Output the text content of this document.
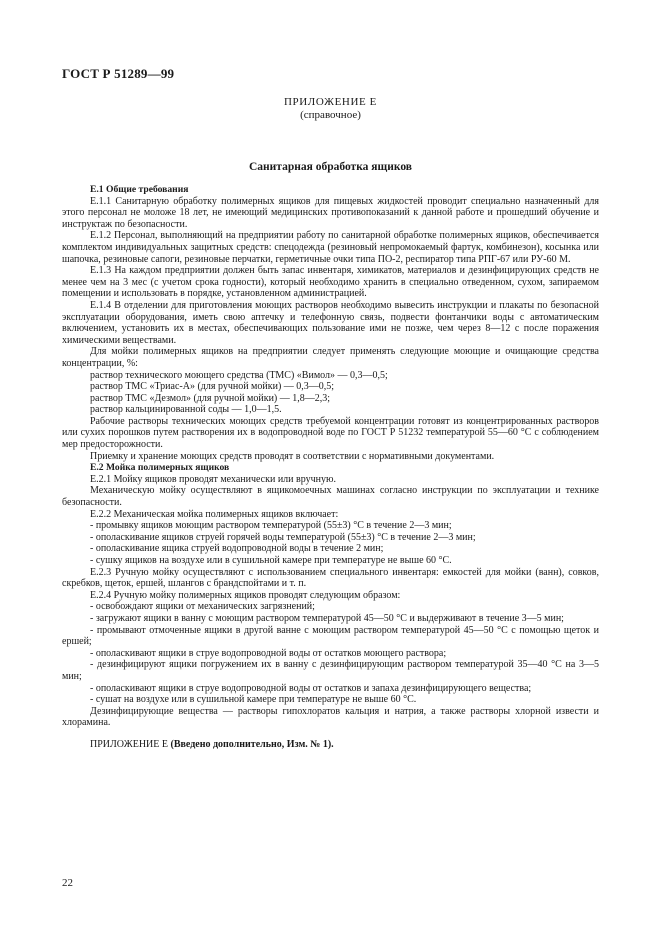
ГОСТ Р 51289—99
ПРИЛОЖЕНИЕ Е
(справочное)
Санитарная обработка ящиков

Е.1 Общие требования

Е.1.1 Санитарную обработку полимерных ящиков для пищевых жидкостей проводит специально назначенный для этого персонал не моложе 18 лет, не имеющий медицинских противопоказаний к данной работе и прошедший обучение и инструктаж по безопасности.

Е.1.2 Персонал, выполняющий на предприятии работу по санитарной обработке полимерных ящиков, обеспечивается комплектом индивидуальных защитных средств: спецодежда (резиновый непромокаемый фартук, комбинезон), косынка или шапочка, резиновые сапоги, резиновые перчатки, герметичные очки типа ПО-2, респиратор типа РПГ-67 или РУ-60 М.

Е.1.3 На каждом предприятии должен быть запас инвентаря, химикатов, материалов и дезинфицирующих средств не менее чем на 3 мес (с учетом срока годности), который необходимо хранить в специально отведенном, сухом, запираемом помещении и использовать в порядке, установленном администрацией.

Е.1.4 В отделении для приготовления моющих растворов необходимо вывесить инструкции и плакаты по безопасной эксплуатации оборудования, иметь свою аптечку и телефонную связь, подвести фонтанчики воды с автоматическим включением, установить их в местах, обеспечивающих пользование ими не позже, чем через 8—12 с после поражения химическими веществами.

Для мойки полимерных ящиков на предприятии следует применять следующие моющие и очищающие средства концентрации, %:

раствор технического моющего средства (ТМС) «Вимол» — 0,3—0,5;

раствор ТМС «Триас-А» (для ручной мойки) — 0,3—0,5;

раствор ТМС «Дезмол» (для ручной мойки) — 1,8—2,3;

раствор кальцинированной соды — 1,0—1,5.

Рабочие растворы технических моющих средств требуемой концентрации готовят из концентрированных растворов или сухих порошков путем растворения их в водопроводной воде по ГОСТ Р 51232 температурой 55—60 °С с соблюдением мер предосторожности.

Приемку и хранение моющих средств проводят в соответствии с нормативными документами.

Е.2 Мойка полимерных ящиков

Е.2.1 Мойку ящиков проводят механически или вручную.

Механическую мойку осуществляют в ящикомоечных машинах согласно инструкции по эксплуатации и технике безопасности.

Е.2.2 Механическая мойка полимерных ящиков включает:

- промывку ящиков моющим раствором температурой (55±3) °С в течение 2—3 мин;

- ополаскивание ящиков струей горячей воды температурой (55±3) °С в течение 2—3 мин;

- ополаскивание ящика струей водопроводной воды в течение 2 мин;

- сушку ящиков на воздухе или в сушильной камере при температуре не выше 60 °С.

Е.2.3 Ручную мойку осуществляют с использованием специального инвентаря: емкостей для мойки (ванн), совков, скребков, щеток, ершей, шлангов с брандспойтами и т. п.

Е.2.4 Ручную мойку полимерных ящиков проводят следующим образом:

- освобождают ящики от механических загрязнений;

- загружают ящики в ванну с моющим раствором температурой 45—50 °С и выдерживают в течение 3—5 мин;

- промывают отмоченные ящики в другой ванне с моющим раствором температурой 45—50 °С с помощью щеток и ершей;

- ополаскивают ящики в струе водопроводной воды от остатков моющего раствора;

- дезинфицируют ящики погружением их в ванну с дезинфицирующим раствором температурой 35—40 °С на 3—5 мин;

- ополаскивают ящики в струе водопроводной воды от остатков и запаха дезинфицирующего вещества;

- сушат на воздухе или в сушильной камере при температуре не выше 60 °С.

Дезинфицирующие вещества — растворы гипохлоратов кальция и натрия, а также растворы хлорной извести и хлорамина.

ПРИЛОЖЕНИЕ Е (Введено дополнительно, Изм. № 1).

22
